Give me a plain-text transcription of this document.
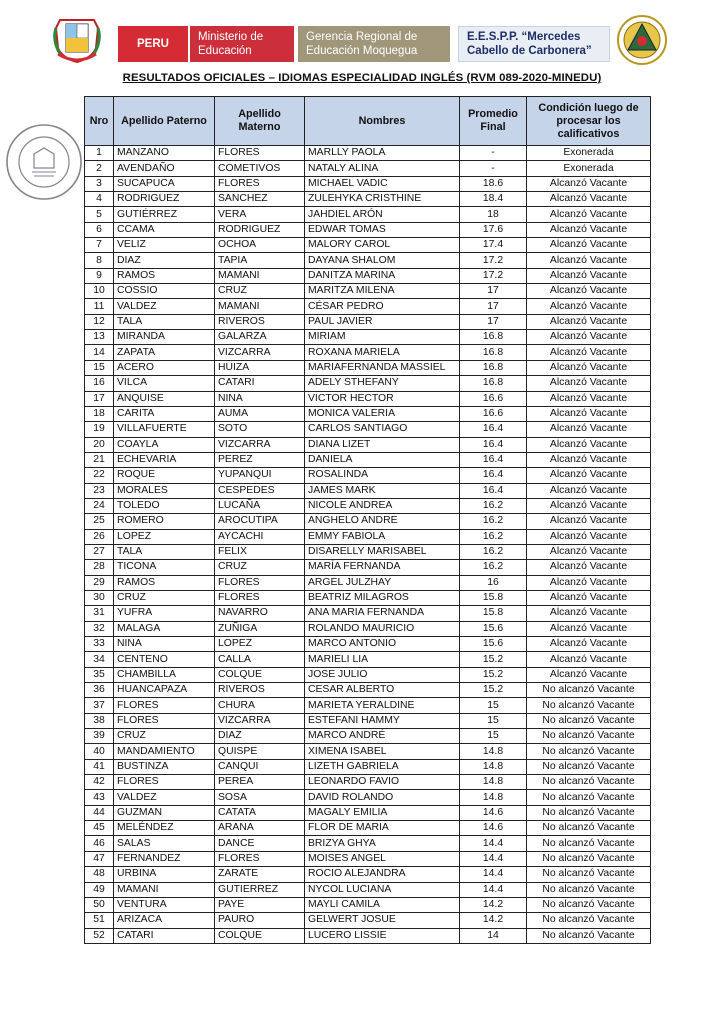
PERU
Ministerio de Educación
Gerencia Regional de Educación Moquegua
E.E.S.P.P. “Mercedes Cabello de Carbonera”
RESULTADOS OFICIALES – IDIOMAS ESPECIALIDAD INGLÉS (RVM 089-2020-MINEDU)
Nro	Apellido Paterno	Apellido Materno	Nombres	Promedio Final	Condición luego de procesar los calificativos
1	MANZANO	FLORES	MARLLY PAOLA	-	Exonerada
2	AVENDAÑO	COMETIVOS	NATALY ALINA	-	Exonerada
3	SUCAPUCA	FLORES	MICHAEL VADIC	18.6	Alcanzó Vacante
4	RODRIGUEZ	SANCHEZ	ZULEHYKA CRISTHINE	18.4	Alcanzó Vacante
5	GUTIÉRREZ	VERA	JAHDIEL ARÓN	18	Alcanzó Vacante
6	CCAMA	RODRIGUEZ	EDWAR TOMAS	17.6	Alcanzó Vacante
7	VELIZ	OCHOA	MALORY CAROL	17.4	Alcanzó Vacante
8	DIAZ	TAPIA	DAYANA SHALOM	17.2	Alcanzó Vacante
9	RAMOS	MAMANI	DANITZA MARINA	17.2	Alcanzó Vacante
10	COSSIO	CRUZ	MARITZA MILENA	17	Alcanzó Vacante
11	VALDEZ	MAMANI	CÉSAR PEDRO	17	Alcanzó Vacante
12	TALA	RIVEROS	PAUL JAVIER	17	Alcanzó Vacante
13	MIRANDA	GALARZA	MIRIAM	16.8	Alcanzó Vacante
14	ZAPATA	VIZCARRA	ROXANA MARIELA	16.8	Alcanzó Vacante
15	ACERO	HUIZA	MARIAFERNANDA MASSIEL	16.8	Alcanzó Vacante
16	VILCA	CATARI	ADELY STHEFANY	16.8	Alcanzó Vacante
17	ANQUISE	NINA	VICTOR HECTOR	16.6	Alcanzó Vacante
18	CARITA	AUMA	MONICA VALERIA	16.6	Alcanzó Vacante
19	VILLAFUERTE	SOTO	CARLOS SANTIAGO	16.4	Alcanzó Vacante
20	COAYLA	VIZCARRA	DIANA LIZET	16.4	Alcanzó Vacante
21	ECHEVARIA	PEREZ	DANIELA	16.4	Alcanzó Vacante
22	ROQUE	YUPANQUI	ROSALINDA	16.4	Alcanzó Vacante
23	MORALES	CESPEDES	JAMES MARK	16.4	Alcanzó Vacante
24	TOLEDO	LUCAÑA	NICOLE ANDREA	16.2	Alcanzó Vacante
25	ROMERO	AROCUTIPA	ANGHELO ANDRE	16.2	Alcanzó Vacante
26	LOPEZ	AYCACHI	EMMY FABIOLA	16.2	Alcanzó Vacante
27	TALA	FELIX	DISARELLY MARISABEL	16.2	Alcanzó Vacante
28	TICONA	CRUZ	MARÍA FERNANDA	16.2	Alcanzó Vacante
29	RAMOS	FLORES	ARGEL JULZHAY	16	Alcanzó Vacante
30	CRUZ	FLORES	BEATRIZ MILAGROS	15.8	Alcanzó Vacante
31	YUFRA	NAVARRO	ANA MARIA FERNANDA	15.8	Alcanzó Vacante
32	MALAGA	ZUÑIGA	ROLANDO MAURICIO	15.6	Alcanzó Vacante
33	NINA	LOPEZ	MARCO ANTONIO	15.6	Alcanzó Vacante
34	CENTENO	CALLA	MARIELI LIA	15.2	Alcanzó Vacante
35	CHAMBILLA	COLQUE	JOSE JULIO	15.2	Alcanzó Vacante
36	HUANCAPAZA	RIVEROS	CESAR ALBERTO	15.2	No alcanzó Vacante
37	FLORES	CHURA	MARIETA YERALDINE	15	No alcanzó Vacante
38	FLORES	VIZCARRA	ESTEFANI HAMMY	15	No alcanzó Vacante
39	CRUZ	DIAZ	MARCO ANDRÉ	15	No alcanzó Vacante
40	MANDAMIENTO	QUISPE	XIMENA ISABEL	14.8	No alcanzó Vacante
41	BUSTINZA	CANQUI	LIZETH GABRIELA	14.8	No alcanzó Vacante
42	FLORES	PEREA	LEONARDO FAVIO	14.8	No alcanzó Vacante
43	VALDEZ	SOSA	DAVID ROLANDO	14.8	No alcanzó Vacante
44	GUZMAN	CATATA	MAGALY EMILIA	14.6	No alcanzó Vacante
45	MELÉNDEZ	ARANA	FLOR DE MARIA	14.6	No alcanzó Vacante
46	SALAS	DANCE	BRIZYA GHYA	14.4	No alcanzó Vacante
47	FERNANDEZ	FLORES	MOISES ANGEL	14.4	No alcanzó Vacante
48	URBINA	ZARATE	ROCIO ALEJANDRA	14.4	No alcanzó Vacante
49	MAMANI	GUTIERREZ	NYCOL LUCIANA	14.4	No alcanzó Vacante
50	VENTURA	PAYE	MAYLI CAMILA	14.2	No alcanzó Vacante
51	ARIZACA	PAURO	GELWERT JOSUE	14.2	No alcanzó Vacante
52	CATARI	COLQUE	LUCERO LISSIE	14	No alcanzó Vacante
